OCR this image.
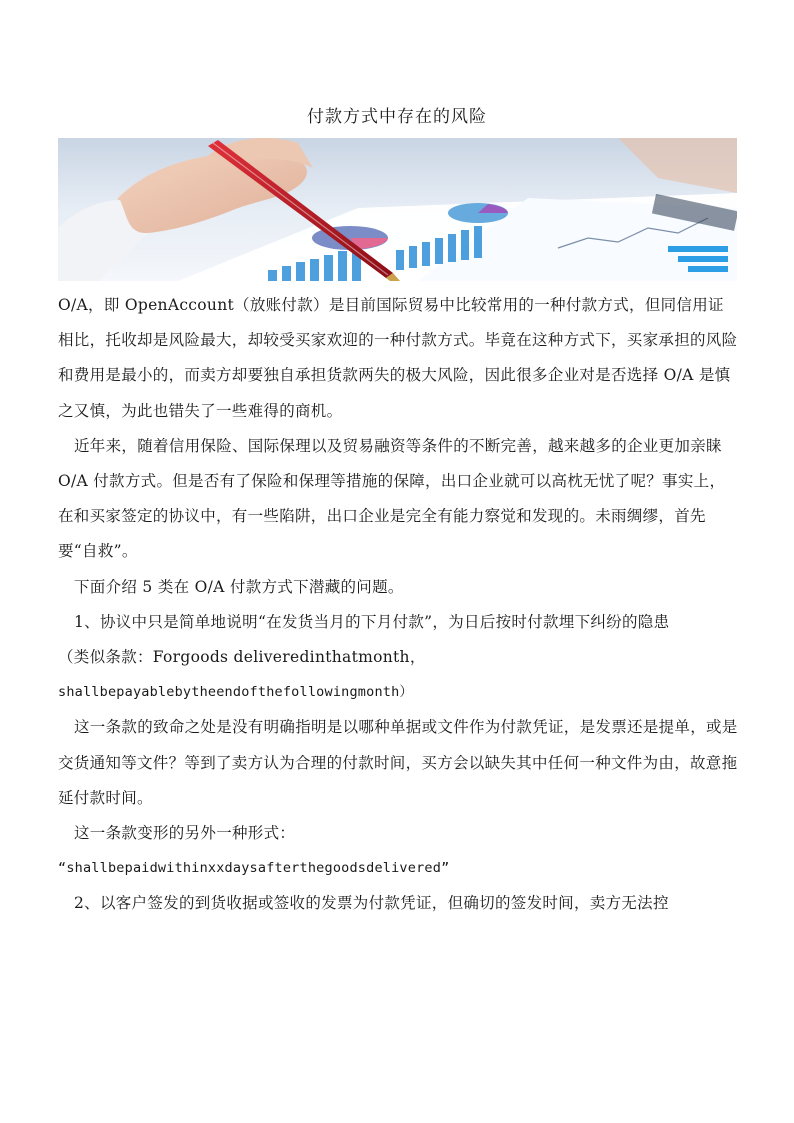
付款方式中存在的风险

O/A，即 OpenAccount（放账付款）是目前国际贸易中比较常用的一种付款方式，但同信用证相比，托收却是风险最大，却较受买家欢迎的一种付款方式。毕竟在这种方式下，买家承担的风险和费用是最小的，而卖方却要独自承担货款两失的极大风险，因此很多企业对是否选择 O/A 是慎之又慎，为此也错失了一些难得的商机。

近年来，随着信用保险、国际保理以及贸易融资等条件的不断完善，越来越多的企业更加亲睐 O/A 付款方式。但是否有了保险和保理等措施的保障，出口企业就可以高枕无忧了呢？事实上，在和买家签定的协议中，有一些陷阱，出口企业是完全有能力察觉和发现的。未雨绸缪，首先要“自救”。

下面介绍 5 类在 O/A 付款方式下潜藏的问题。

1、协议中只是简单地说明“在发货当月的下月付款”，为日后按时付款埋下纠纷的隐患

（类似条款：Forgoods deliveredinthatmonth，

shallbepayablebytheendofthefollowingmonth）

这一条款的致命之处是没有明确指明是以哪种单据或文件作为付款凭证，是发票还是提单，或是交货通知等文件？等到了卖方认为合理的付款时间，买方会以缺失其中任何一种文件为由，故意拖延付款时间。

这一条款变形的另外一种形式：

“shallbepaidwithinxxdaysafterthegoodsdelivered”

2、以客户签发的到货收据或签收的发票为付款凭证，但确切的签发时间，卖方无法控
